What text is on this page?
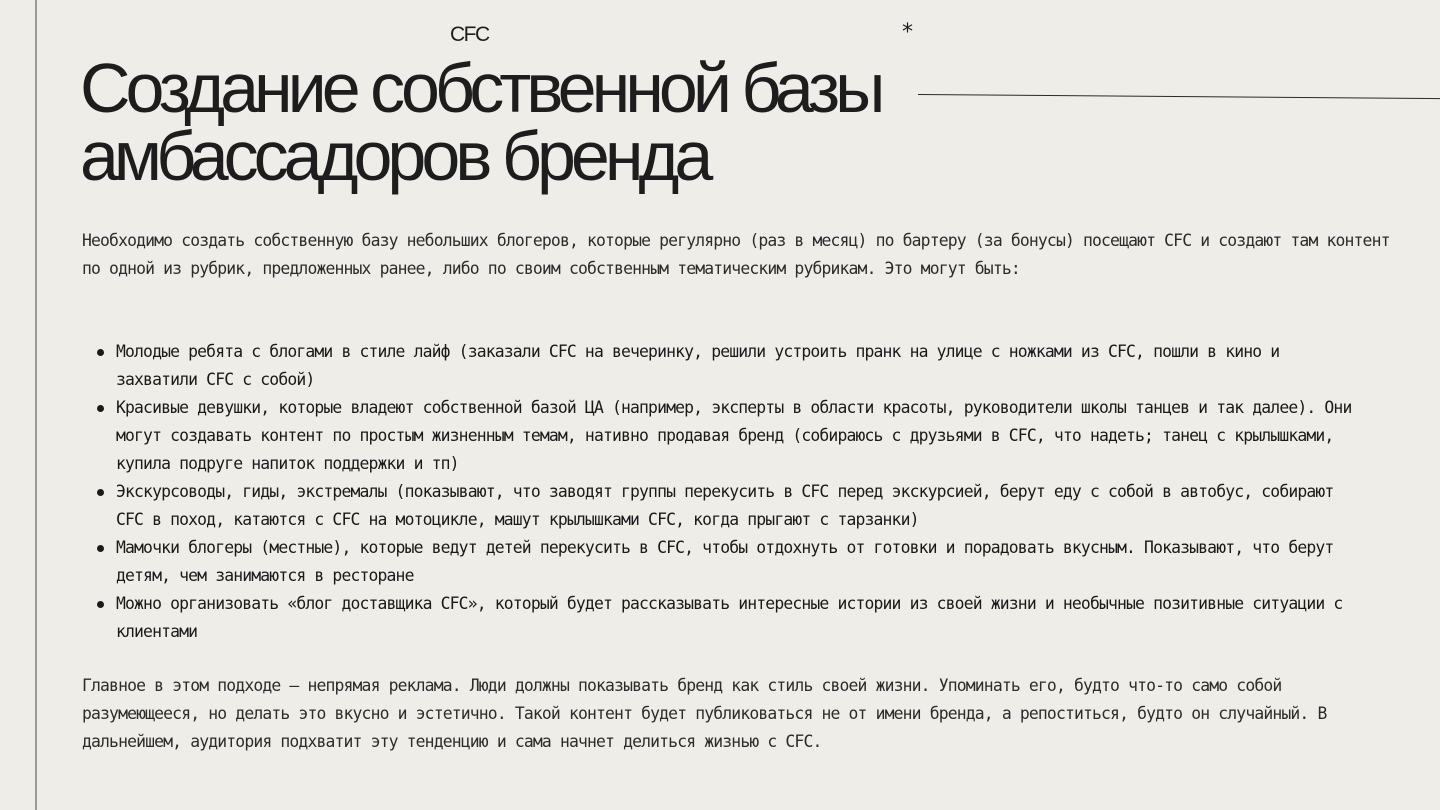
CFC	*
Создание собственной базы
амбассадоров бренда

Необходимо создать собственную базу небольших блогеров, которые регулярно (раз в месяц) по бартеру (за бонусы) посещают CFC и создают там контент по одной из рубрик, предложенных ранее, либо по своим собственным тематическим рубрикам. Это могут быть:

Молодые ребята с блогами в стиле лайф (заказали CFC на вечеринку, решили устроить пранк на улице с ножками из CFC, пошли в кино и захватили CFC с собой)
Красивые девушки, которые владеют собственной базой ЦА (например, эксперты в области красоты, руководители школы танцев и так далее). Они могут создавать контент по простым жизненным темам, нативно продавая бренд (собираюсь с друзьями в CFC, что надеть; танец с крылышками, купила подруге напиток поддержки и тп)
Экскурсоводы, гиды, экстремалы (показывают, что заводят группы перекусить в CFC перед экскурсией, берут еду с собой в автобус, собирают CFC в поход, катаются с CFC на мотоцикле, машут крылышками CFC, когда прыгают с тарзанки)
Мамочки блогеры (местные), которые ведут детей перекусить в CFC, чтобы отдохнуть от готовки и порадовать вкусным. Показывают, что берут детям, чем занимаются в ресторане
Можно организовать «блог доставщика CFC», который будет рассказывать интересные истории из своей жизни и необычные позитивные ситуации с клиентами

Главное в этом подходе – непрямая реклама. Люди должны показывать бренд как стиль своей жизни. Упоминать его, будто что-то само собой разумеющееся, но делать это вкусно и эстетично. Такой контент будет публиковаться не от имени бренда, а репоститься, будто он случайный. В дальнейшем, аудитория подхватит эту тенденцию и сама начнет делиться жизнью с CFC.
